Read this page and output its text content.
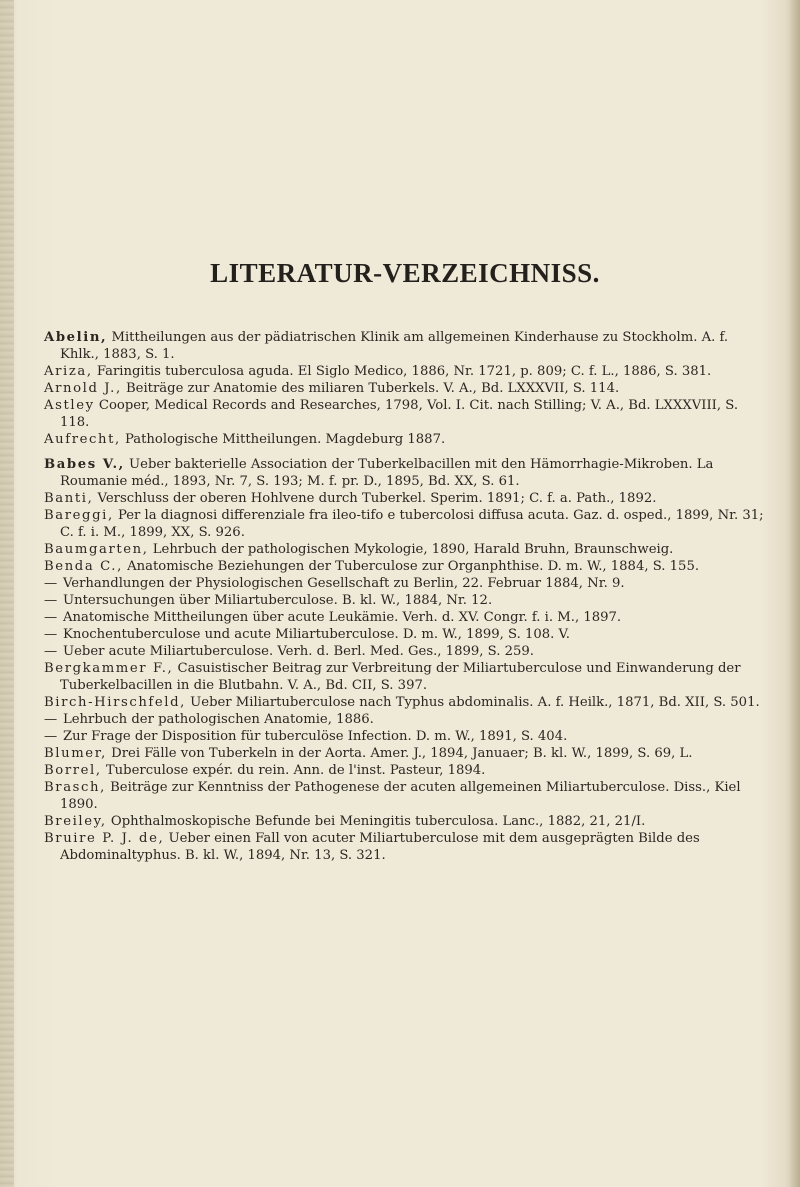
LITERATUR-VERZEICHNISS.

Abelin, Mittheilungen aus der pädiatrischen Klinik am allgemeinen Kinderhause zu Stockholm. A. f. Khlk., 1883, S. 1.

Ariza, Faringitis tuberculosa aguda. El Siglo Medico, 1886, Nr. 1721, p. 809; C. f. L., 1886, S. 381.

Arnold J., Beiträge zur Anatomie des miliaren Tuberkels. V. A., Bd. LXXXVII, S. 114.

Astley Cooper, Medical Records and Researches, 1798, Vol. I. Cit. nach Stilling; V. A., Bd. LXXXVIII, S. 118.

Aufrecht, Pathologische Mittheilungen. Magdeburg 1887.

Babes V., Ueber bakterielle Association der Tuberkelbacillen mit den Hämorrhagie-Mikroben. La Roumanie méd., 1893, Nr. 7, S. 193; M. f. pr. D., 1895, Bd. XX, S. 61.

Banti, Verschluss der oberen Hohlvene durch Tuberkel. Sperim. 1891; C. f. a. Path., 1892.

Bareggi, Per la diagnosi differenziale fra ileo-tifo e tubercolosi diffusa acuta. Gaz. d. osped., 1899, Nr. 31; C. f. i. M., 1899, XX, S. 926.

Baumgarten, Lehrbuch der pathologischen Mykologie, 1890, Harald Bruhn, Braunschweig.

Benda C., Anatomische Beziehungen der Tuberculose zur Organphthise. D. m. W., 1884, S. 155.

— Verhandlungen der Physiologischen Gesellschaft zu Berlin, 22. Februar 1884, Nr. 9.

— Untersuchungen über Miliartuberculose. B. kl. W., 1884, Nr. 12.

— Anatomische Mittheilungen über acute Leukämie. Verh. d. XV. Congr. f. i. M., 1897.

— Knochentuberculose und acute Miliartuberculose. D. m. W., 1899, S. 108. V.

— Ueber acute Miliartuberculose. Verh. d. Berl. Med. Ges., 1899, S. 259.

Bergkammer F., Casuistischer Beitrag zur Verbreitung der Miliartuberculose und Einwanderung der Tuberkelbacillen in die Blutbahn. V. A., Bd. CII, S. 397.

Birch-Hirschfeld, Ueber Miliartuberculose nach Typhus abdominalis. A. f. Heilk., 1871, Bd. XII, S. 501.

— Lehrbuch der pathologischen Anatomie, 1886.

— Zur Frage der Disposition für tuberculöse Infection. D. m. W., 1891, S. 404.

Blumer, Drei Fälle von Tuberkeln in der Aorta. Amer. J., 1894, Januaer; B. kl. W., 1899, S. 69, L.

Borrel, Tuberculose expér. du rein. Ann. de l'inst. Pasteur, 1894.

Brasch, Beiträge zur Kenntniss der Pathogenese der acuten allgemeinen Miliartuberculose. Diss., Kiel 1890.

Breiley, Ophthalmoskopische Befunde bei Meningitis tuberculosa. Lanc., 1882, 21, 21/I.

Bruire P. J. de, Ueber einen Fall von acuter Miliartuberculose mit dem ausgeprägten Bilde des Abdominaltyphus. B. kl. W., 1894, Nr. 13, S. 321.
